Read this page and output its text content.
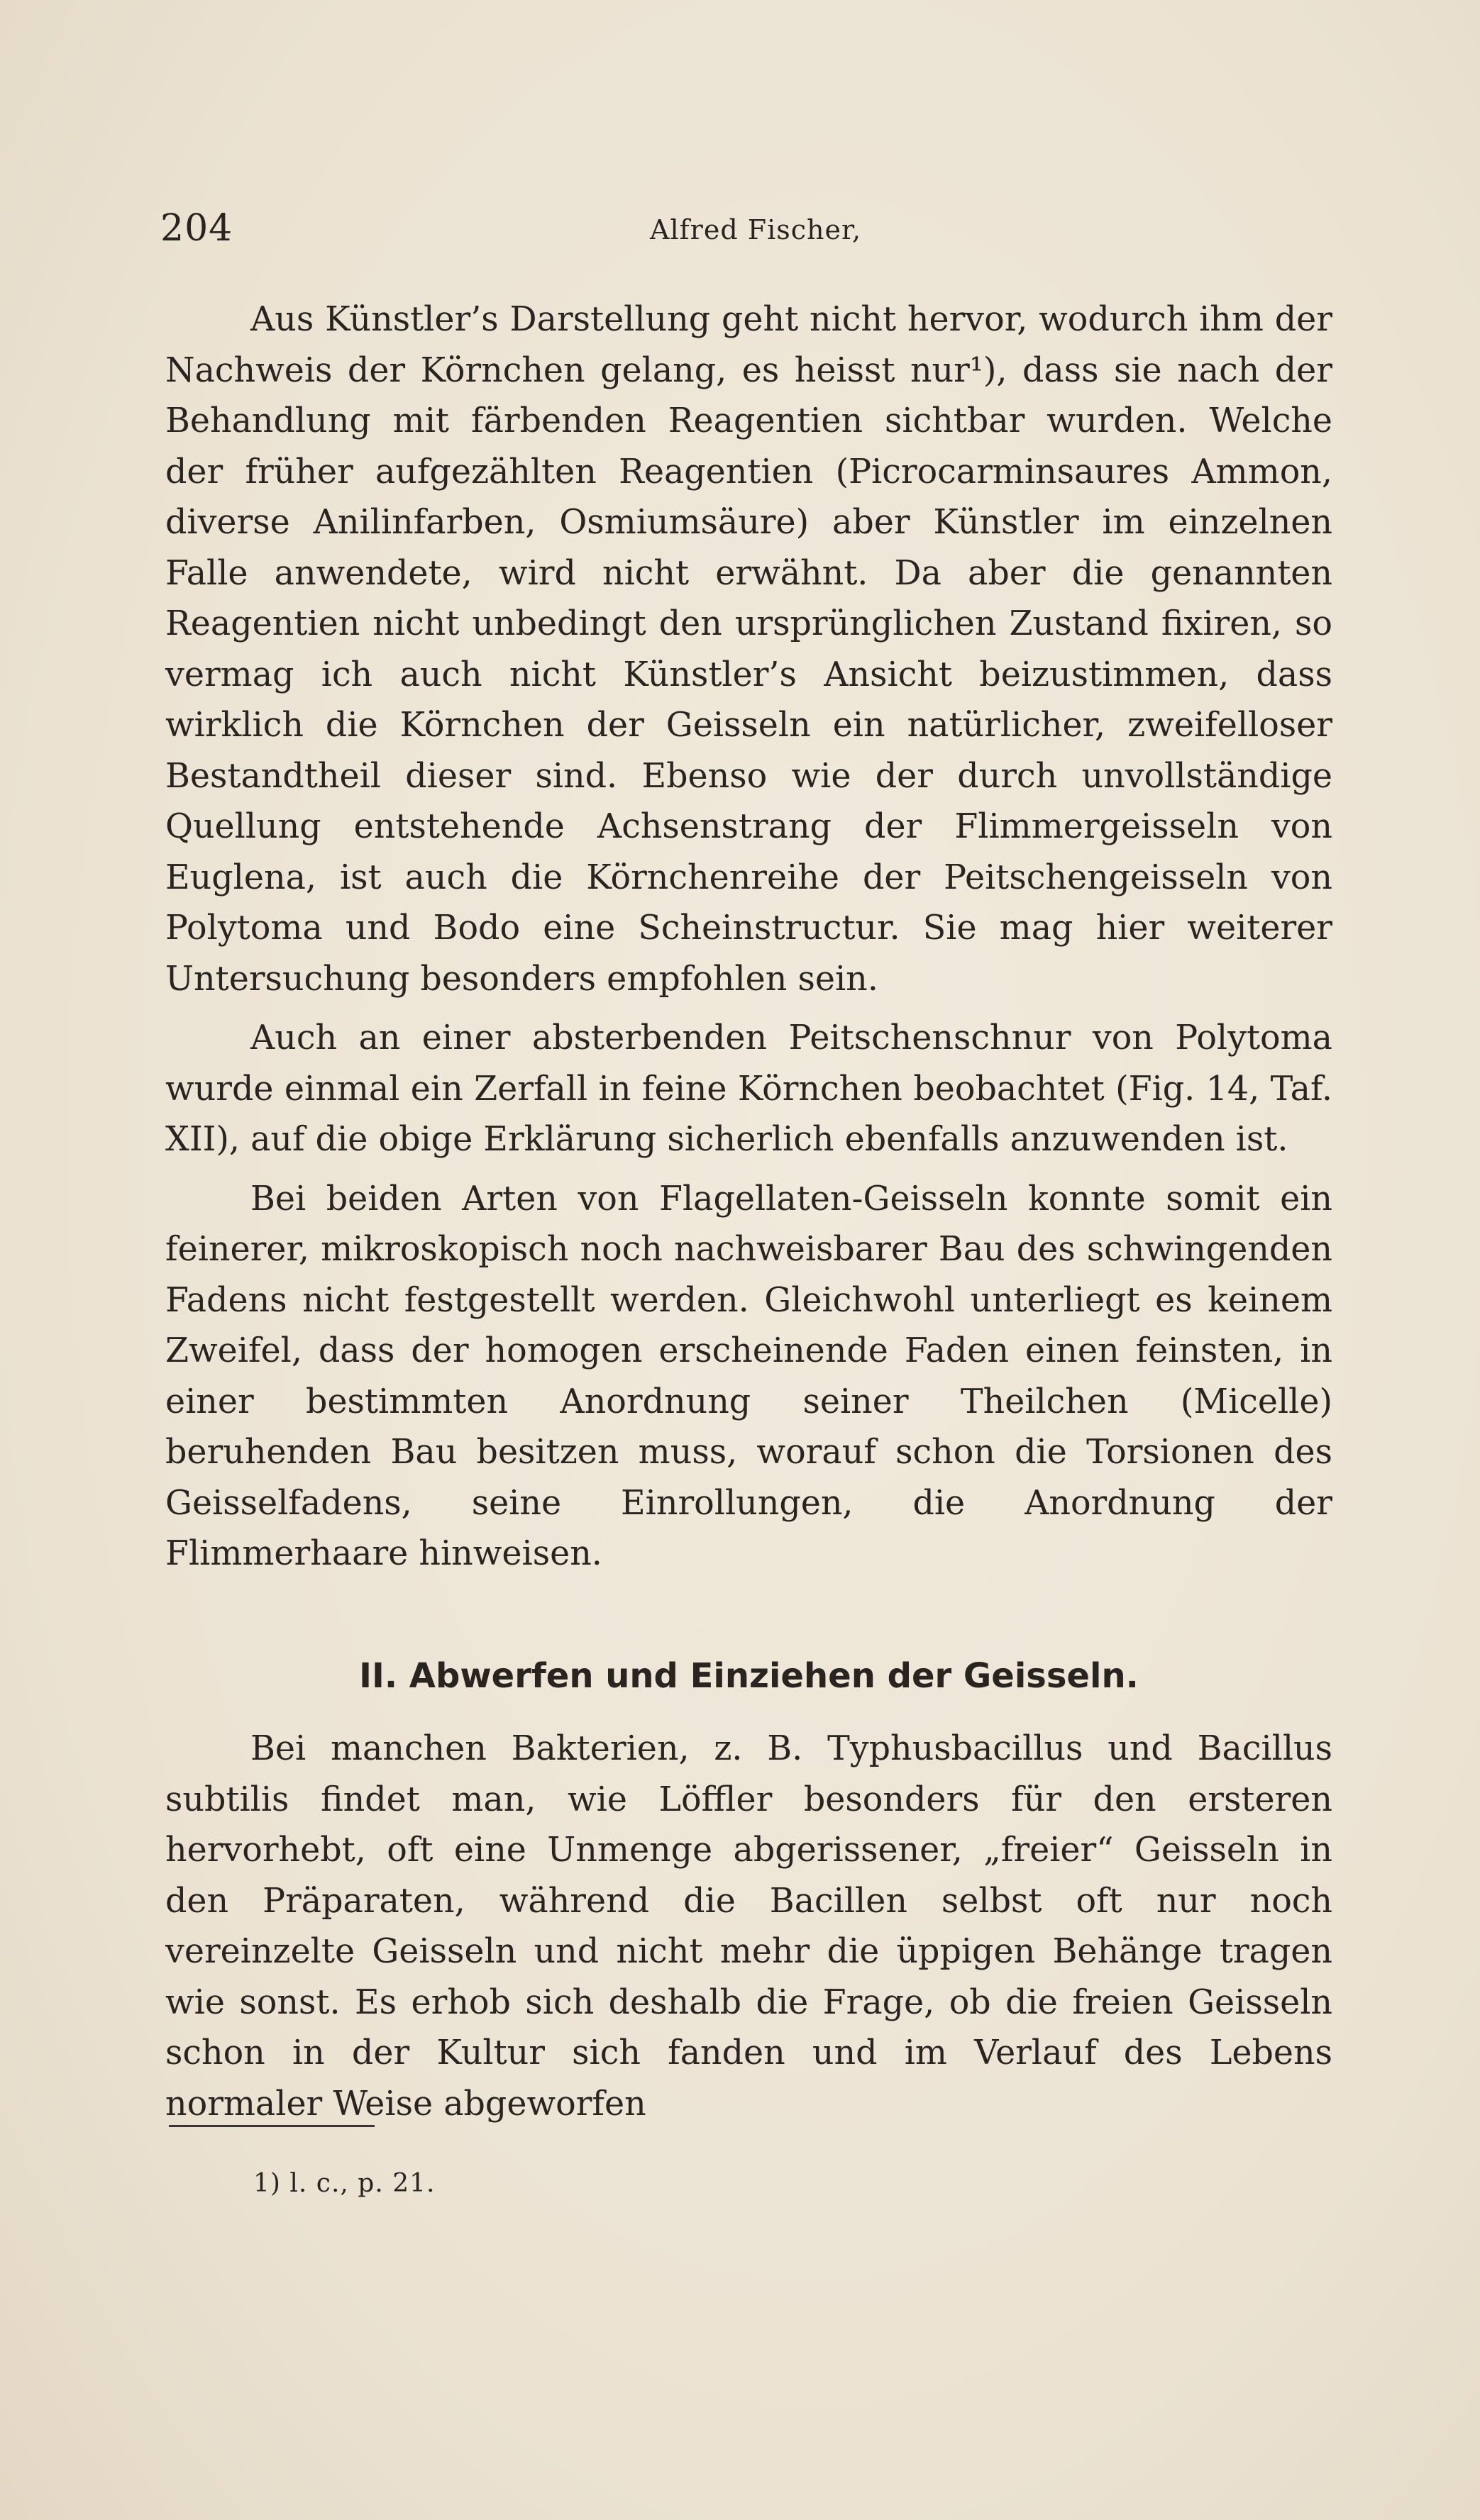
204	Alfred Fischer,

Aus Künstler’s Darstellung geht nicht hervor, wodurch ihm der Nachweis der Körnchen gelang, es heisst nur¹), dass sie nach der Behandlung mit färbenden Reagentien sichtbar wurden. Welche der früher aufgezählten Reagentien (Picrocarminsaures Ammon, diverse Anilinfarben, Osmiumsäure) aber Künstler im einzelnen Falle anwendete, wird nicht erwähnt. Da aber die genannten Reagentien nicht unbedingt den ursprünglichen Zustand fixiren, so vermag ich auch nicht Künstler’s Ansicht beizustimmen, dass wirklich die Körnchen der Geisseln ein natürlicher, zweifelloser Bestandtheil dieser sind. Ebenso wie der durch unvollständige Quellung entstehende Achsenstrang der Flimmergeisseln von Euglena, ist auch die Körnchenreihe der Peitschengeisseln von Polytoma und Bodo eine Scheinstructur. Sie mag hier weiterer Untersuchung besonders empfohlen sein.

Auch an einer absterbenden Peitschenschnur von Polytoma wurde einmal ein Zerfall in feine Körnchen beobachtet (Fig. 14, Taf. XII), auf die obige Erklärung sicherlich ebenfalls anzuwenden ist.

Bei beiden Arten von Flagellaten-Geisseln konnte somit ein feinerer, mikroskopisch noch nachweisbarer Bau des schwingenden Fadens nicht festgestellt werden. Gleichwohl unterliegt es keinem Zweifel, dass der homogen erscheinende Faden einen feinsten, in einer bestimmten Anordnung seiner Theilchen (Micelle) beruhenden Bau besitzen muss, worauf schon die Torsionen des Geisselfadens, seine Einrollungen, die Anordnung der Flimmerhaare hinweisen.

II. Abwerfen und Einziehen der Geisseln.

Bei manchen Bakterien, z. B. Typhusbacillus und Bacillus subtilis findet man, wie Löffler besonders für den ersteren hervorhebt, oft eine Unmenge abgerissener, „freier“ Geisseln in den Präparaten, während die Bacillen selbst oft nur noch vereinzelte Geisseln und nicht mehr die üppigen Behänge tragen wie sonst. Es erhob sich deshalb die Frage, ob die freien Geisseln schon in der Kultur sich fanden und im Verlauf des Lebens normaler Weise abgeworfen

1) l. c., p. 21.
